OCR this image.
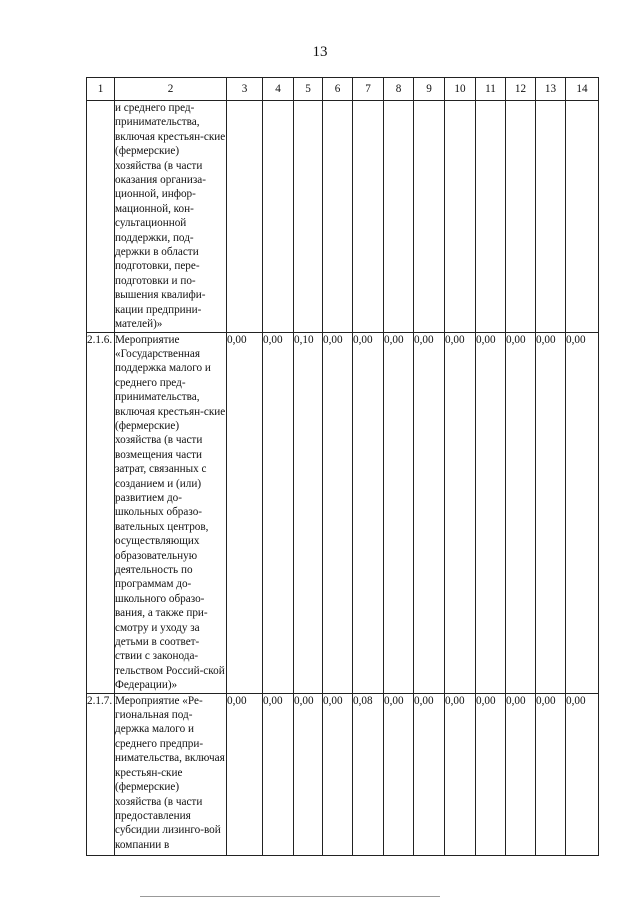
13
1	2	3	4	5	6	7	8	9	10	11	12	13	14

	и среднего пред-принимательства, включая крестьян-ские (фермерские) хозяйства (в части оказания организа-ционной, инфор-мационной, кон-сультационной поддержки, под-держки в области подготовки, пере-подготовки и по-вышения квалифи-кации предприни-мателей)»												

2.1.6.	Мероприятие «Государственная поддержка малого и среднего пред-принимательства, включая крестьян-ские (фермерские) хозяйства (в части возмещения части затрат, связанных с созданием и (или) развитием до-школьных образо-вательных центров, осуществляющих образовательную деятельность по программам до-школьного образо-вания, а также при-смотру и уходу за детьми в соответ-ствии с законода-тельством Россий-ской Федерации)»	0,00	0,00	0,10	0,00	0,00	0,00	0,00	0,00	0,00	0,00	0,00	0,00
2.1.7.	Мероприятие «Ре-гиональная под-держка малого и среднего предпри-нимательства, включая крестьян-ские (фермерские) хозяйства (в части предоставления субсидии лизинго-вой компании в	0,00	0,00	0,00	0,00	0,08	0,00	0,00	0,00	0,00	0,00	0,00	0,00
